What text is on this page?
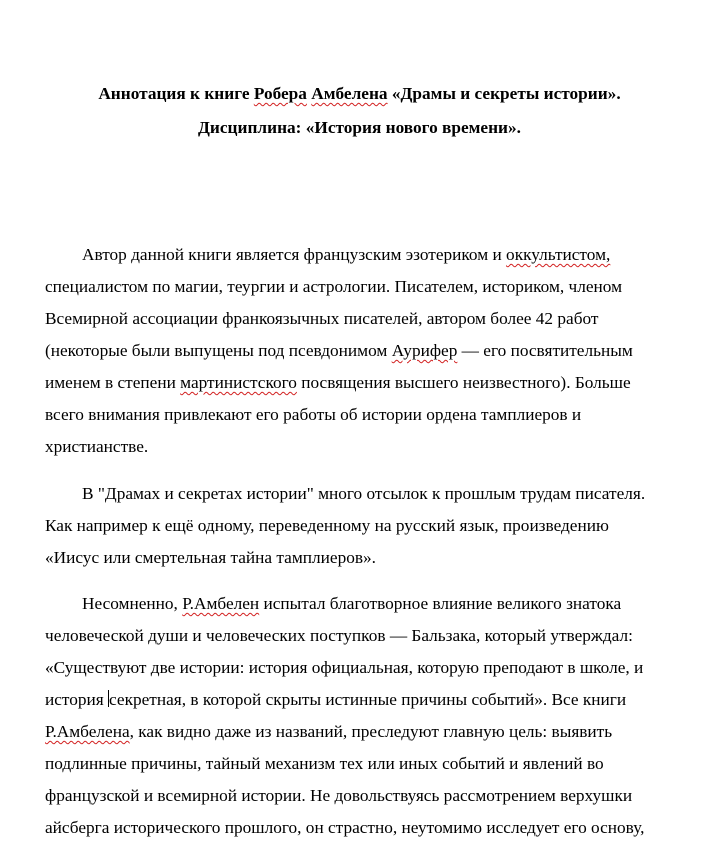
Аннотация к книге Робера Амбелена «Драмы и секреты истории».
Дисциплина: «История нового времени».
Автор данной книги является французским эзотериком и оккультистом,
специалистом по магии, теургии и астрологии. Писателем, историком, членом
Всемирной ассоциации франкоязычных писателей, автором более 42 работ
(некоторые были выпущены под псевдонимом Аурифер — его посвятительным
именем в степени мартинистского посвящения высшего неизвестного). Больше
всего внимания привлекают его работы об истории ордена тамплиеров и
христианстве.
В "Драмах и секретах истории" много отсылок к прошлым трудам писателя.
Как например к ещё одному, переведенному на русский язык, произведению
«Иисус или смертельная тайна тамплиеров».
Несомненно, Р.Амбелен испытал благотворное влияние великого знатока
человеческой души и человеческих поступков — Бальзака, который утверждал:
«Существуют две истории: история официальная, которую преподают в школе, и
история секретная, в которой скрыты истинные причины событий». Все книги
Р.Амбелена, как видно даже из названий, преследуют главную цель: выявить
подлинные причины, тайный механизм тех или иных событий и явлений во
французской и всемирной истории. Не довольствуясь рассмотрением верхушки
айсберга исторического прошлого, он страстно, неутомимо исследует его основу,
